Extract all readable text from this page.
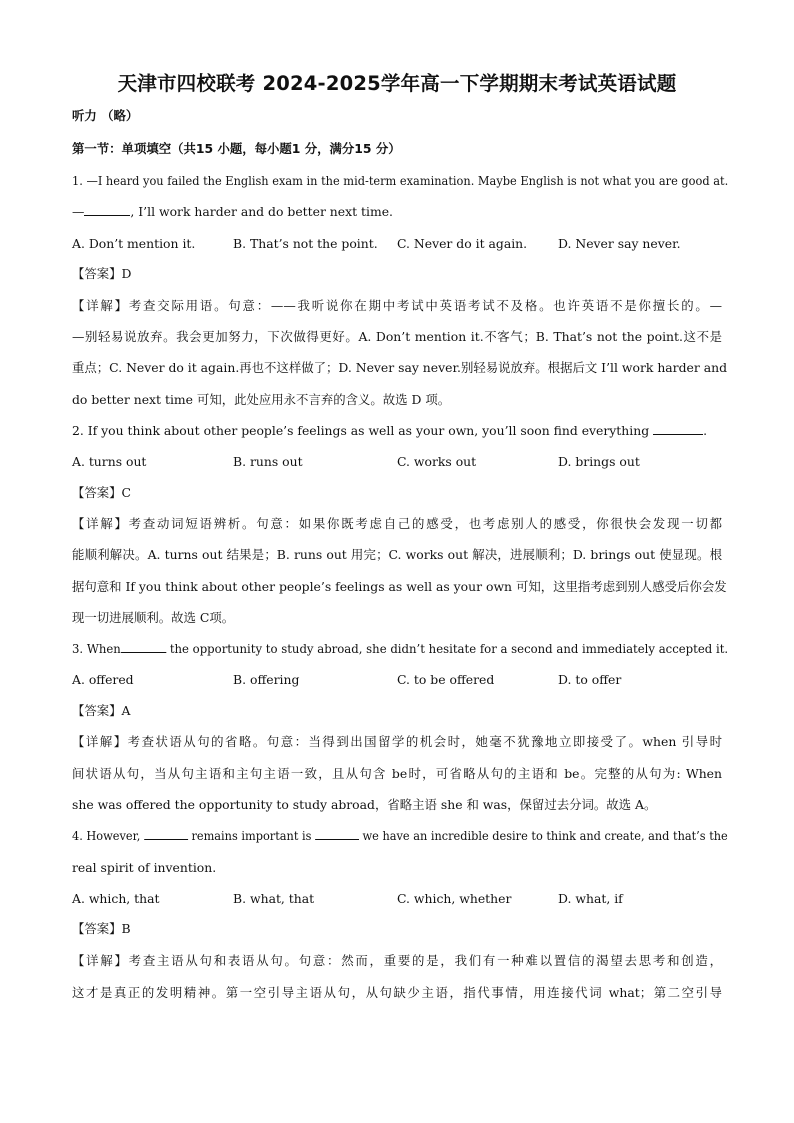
天津市四校联考 2024-2025学年高一下学期期末考试英语试题
听力 （略）
第一节：单项填空（共15 小题，每小题1 分，满分15 分）
1. —I heard you failed the English exam in the mid-term examination. Maybe English is not what you are good at.
—	, I’ll work harder and do better next time.
A. Don’t mention it.	B. That’s not the point. C. Never do it again. D. Never say never.
【答案】D
【详解】考查交际用语。句意：——我听说你在期中考试中英语考试不及格。也许英语不是你擅长的。—
—别轻易说放弃。我会更加努力，下次做得更好。A. Don’t mention it.不客气；B. That’s not the point.这不是
重点；C. Never do it again.再也不这样做了；D. Never say never.别轻易说放弃。根据后文 I’ll work harder and
do better next time 可知，此处应用永不言弃的含义。故选 D 项。
2. If you think about other people’s feelings as well as your own, you’ll soon find everything	.
A. turns out	B. runs out	C. works out	D. brings out
【答案】C
【详解】考查动词短语辨析。句意：如果你既考虑自己的感受，也考虑别人的感受，你很快会发现一切都
能顺利解决。A. turns out 结果是；B. runs out 用完；C. works out 解决，进展顺利；D. brings out 使显现。根
据句意和 If you think about other people’s feelings as well as your own 可知，这里指考虑到别人感受后你会发
现一切进展顺利。故选 C项。
3. When	the opportunity to study abroad, she didn’t hesitate for a second and immediately accepted it.
A. offered	B. offering	C. to be offered	D. to offer
【答案】A
【详解】考查状语从句的省略。句意：当得到出国留学的机会时，她毫不犹豫地立即接受了。when 引导时
间状语从句，当从句主语和主句主语一致，且从句含 be时，可省略从句的主语和 be。完整的从句为: When
she was offered the opportunity to study abroad，省略主语 she 和 was，保留过去分词。故选 A。
4. However,	remains important is	we have an incredible desire to think and create, and that’s the
real spirit of invention.
A. which, that	B. what, that	C. which, whether	D. what, if
【答案】B
【详解】考查主语从句和表语从句。句意：然而，重要的是，我们有一种难以置信的渴望去思考和创造，
这才是真正的发明精神。第一空引导主语从句，从句缺少主语，指代事情，用连接代词 what；第二空引导
